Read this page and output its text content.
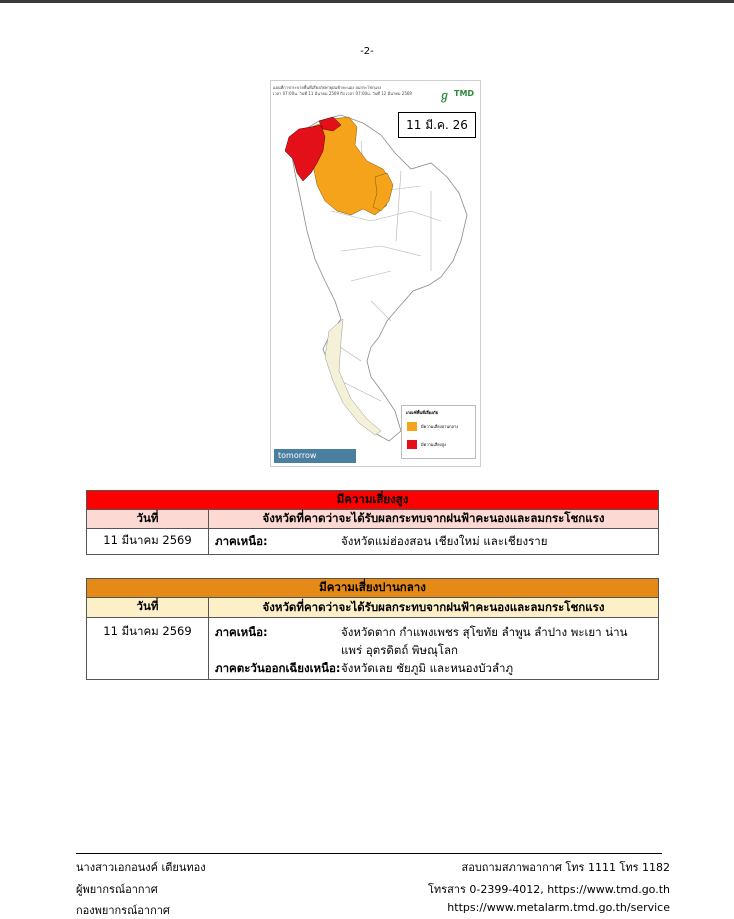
-2-
แผนที่การกระจายพื้นที่เสี่ยงภัยพายุฝนฟ้าคะนอง ลมกระโชกแรง
เวลา 07:00น. วันที่ 11 มีนาคม 2569 ถึง เวลา 07:00น. วันที่ 12 มีนาคม 2569	ℊ TMD
11 มี.ค. 26
เกณฑ์พื้นที่เสี่ยงภัย
มีความเสี่ยงปานกลาง
มีความเสี่ยงสูง
tomorrow
มีความเสี่ยงสูง	
วันที่	จังหวัดที่คาดว่าจะได้รับผลกระทบจากฝนฟ้าคะนองและลมกระโชกแรง
11 มีนาคม 2569	ภาคเหนือ: จังหวัดแม่ฮ่องสอน เชียงใหม่ และเชียงราย
มีความเสี่ยงปานกลาง	
วันที่	จังหวัดที่คาดว่าจะได้รับผลกระทบจากฝนฟ้าคะนองและลมกระโชกแรง
11 มีนาคม 2569	ภาคเหนือ: จังหวัดตาก กำแพงเพชร สุโขทัย ลำพูน ลำปาง พะเยา น่าน แพร่ อุตรดิตถ์ พิษณุโลก
ภาคตะวันออกเฉียงเหนือ: จังหวัดเลย ชัยภูมิ และหนองบัวลำภู
นางสาวเอกอนงค์ เตียนทอง
ผู้พยากรณ์อากาศ
กองพยากรณ์อากาศ
สอบถามสภาพอากาศ โทร 1111 โทร 1182
โทรสาร 0-2399-4012, https://www.tmd.go.th
https://www.metalarm.tmd.go.th/service
